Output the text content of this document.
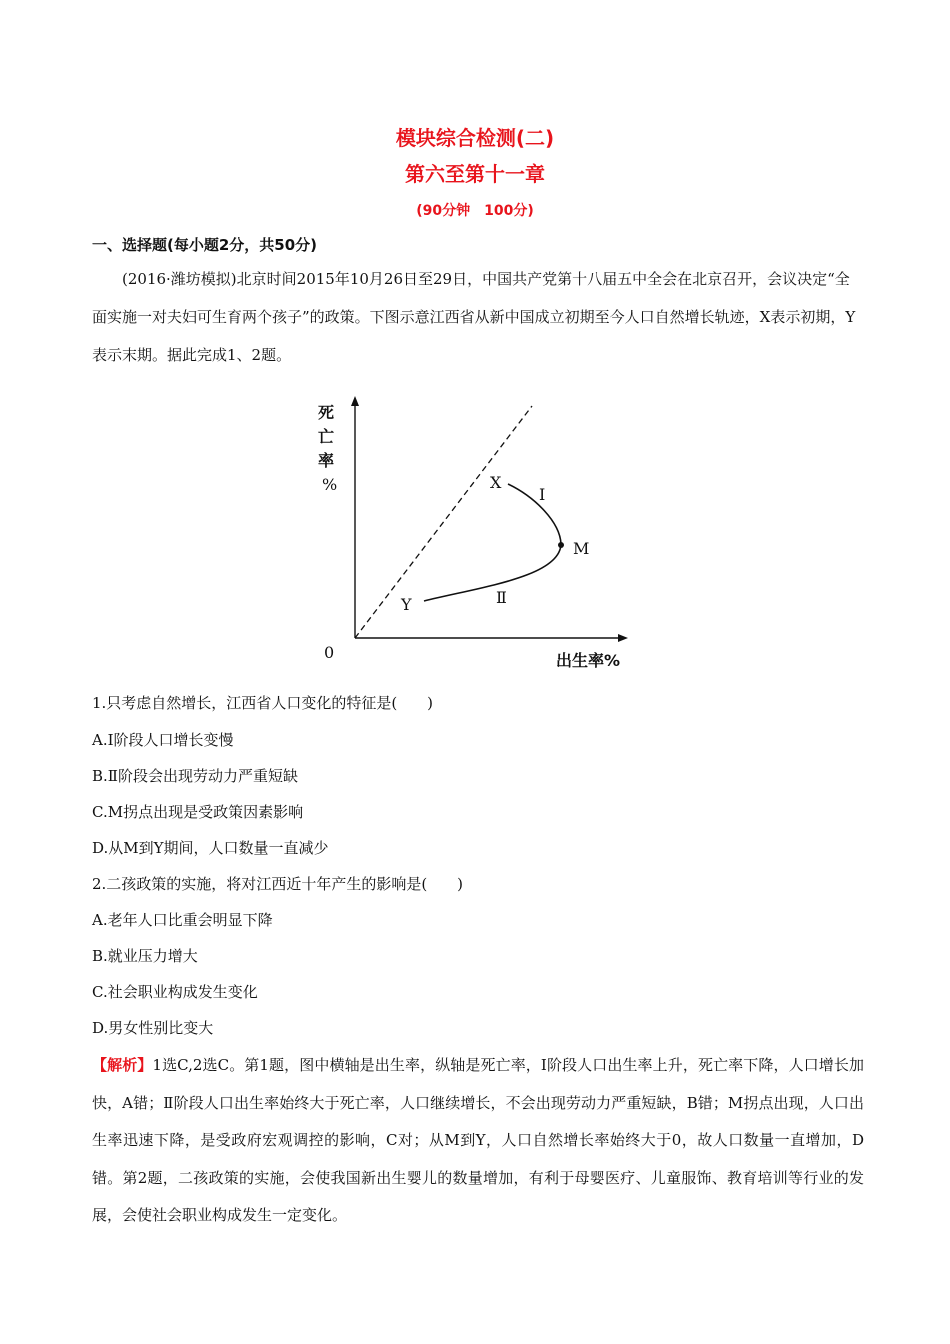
模块综合检测(二)
第六至第十一章
(90分钟　100分)
一、选择题(每小题2分，共50分)
(2016·潍坊模拟)北京时间2015年10月26日至29日，中国共产党第十八届五中全会在北京召开，会议决定“全面实施一对夫妇可生育两个孩子”的政策。下图示意江西省从新中国成立初期至今人口自然增长轨迹，X表示初期，Y表示末期。据此完成1、2题。
死
亡
率
%
0	出生率%
X
M
Y
Ⅰ
Ⅱ
1.只考虑自然增长，江西省人口变化的特征是(　　)
A.Ⅰ阶段人口增长变慢
B.Ⅱ阶段会出现劳动力严重短缺
C.M拐点出现是受政策因素影响
D.从M到Y期间，人口数量一直减少
2.二孩政策的实施，将对江西近十年产生的影响是(　　)
A.老年人口比重会明显下降
B.就业压力增大
C.社会职业构成发生变化
D.男女性别比变大
【解析】1选C,2选C。第1题，图中横轴是出生率，纵轴是死亡率，Ⅰ阶段人口出生率上升，死亡率下降，人口增长加快，A错；Ⅱ阶段人口出生率始终大于死亡率，人口继续增长，不会出现劳动力严重短缺，B错；M拐点出现，人口出生率迅速下降，是受政府宏观调控的影响，C对；从M到Y，人口自然增长率始终大于0，故人口数量一直增加，D错。第2题，二孩政策的实施，会使我国新出生婴儿的数量增加，有利于母婴医疗、儿童服饰、教育培训等行业的发展，会使社会职业构成发生一定变化。
